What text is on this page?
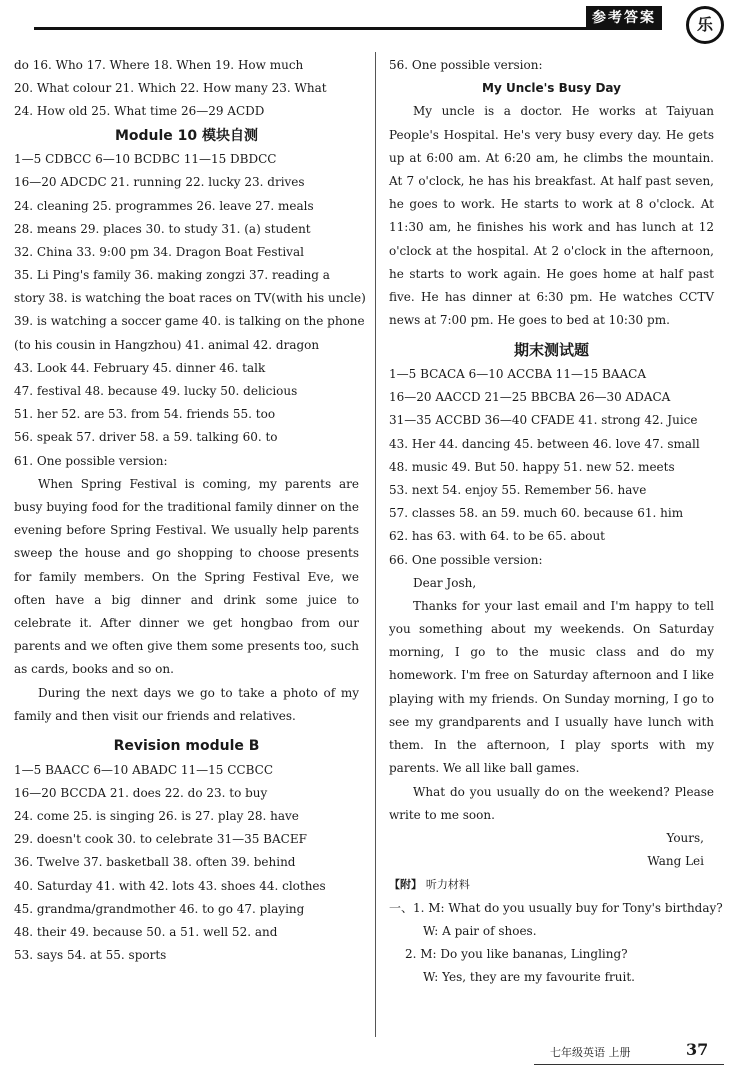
参考答案	乐

do 16. Who 17. Where 18. When 19. How much

20. What colour 21. Which 22. How many 23. What

24. How old 25. What time 26—29 ACDD

Module 10 模块自测

1—5 CDBCC 6—10 BCDBC 11—15 DBDCC

16—20 ADCDC 21. running 22. lucky 23. drives

24. cleaning 25. programmes 26. leave 27. meals

28. means 29. places 30. to study 31. (a) student

32. China 33. 9:00 pm 34. Dragon Boat Festival

35. Li Ping's family 36. making zongzi 37. reading a

story 38. is watching the boat races on TV(with his uncle)

39. is watching a soccer game 40. is talking on the phone

(to his cousin in Hangzhou) 41. animal 42. dragon

43. Look 44. February 45. dinner 46. talk

47. festival 48. because 49. lucky 50. delicious

51. her 52. are 53. from 54. friends 55. too

56. speak 57. driver 58. a 59. talking 60. to

61. One possible version:

When Spring Festival is coming, my parents are busy buying food for the traditional family dinner on the evening before Spring Festival. We usually help parents sweep the house and go shopping to choose presents for family members. On the Spring Festival Eve, we often have a big dinner and drink some juice to celebrate it. After dinner we get hongbao from our parents and we often give them some presents too, such as cards, books and so on.

During the next days we go to take a photo of my family and then visit our friends and relatives.

Revision module B

1—5 BAACC 6—10 ABADC 11—15 CCBCC

16—20 BCCDA 21. does 22. do 23. to buy

24. come 25. is singing 26. is 27. play 28. have

29. doesn't cook 30. to celebrate 31—35 BACEF

36. Twelve 37. basketball 38. often 39. behind

40. Saturday 41. with 42. lots 43. shoes 44. clothes

45. grandma/grandmother 46. to go 47. playing

48. their 49. because 50. a 51. well 52. and

53. says 54. at 55. sports

56. One possible version:

My Uncle's Busy Day

My uncle is a doctor. He works at Taiyuan People's Hospital. He's very busy every day. He gets up at 6:00 am. At 6:20 am, he climbs the mountain. At 7 o'clock, he has his breakfast. At half past seven, he goes to work. He starts to work at 8 o'clock. At 11:30 am, he finishes his work and has lunch at 12 o'clock at the hospital. At 2 o'clock in the afternoon, he starts to work again. He goes home at half past five. He has dinner at 6:30 pm. He watches CCTV news at 7:00 pm. He goes to bed at 10:30 pm.

期末测试题

1—5 BCACA 6—10 ACCBA 11—15 BAACA

16—20 AACCD 21—25 BBCBA 26—30 ADACA

31—35 ACCBD 36—40 CFADE 41. strong 42. Juice

43. Her 44. dancing 45. between 46. love 47. small

48. music 49. But 50. happy 51. new 52. meets

53. next 54. enjoy 55. Remember 56. have

57. classes 58. an 59. much 60. because 61. him

62. has 63. with 64. to be 65. about

66. One possible version:

Dear Josh,

Thanks for your last email and I'm happy to tell you something about my weekends. On Saturday morning, I go to the music class and do my homework. I'm free on Saturday afternoon and I like playing with my friends. On Sunday morning, I go to see my grandparents and I usually have lunch with them. In the afternoon, I play sports with my parents. We all like ball games.

What do you usually do on the weekend? Please write to me soon.

Yours,

Wang Lei

【附】 听力材料

一、1. M: What do you usually buy for Tony's birthday?

W: A pair of shoes.

2. M: Do you like bananas, Lingling?

W: Yes, they are my favourite fruit.

七年级英语 上册	37
